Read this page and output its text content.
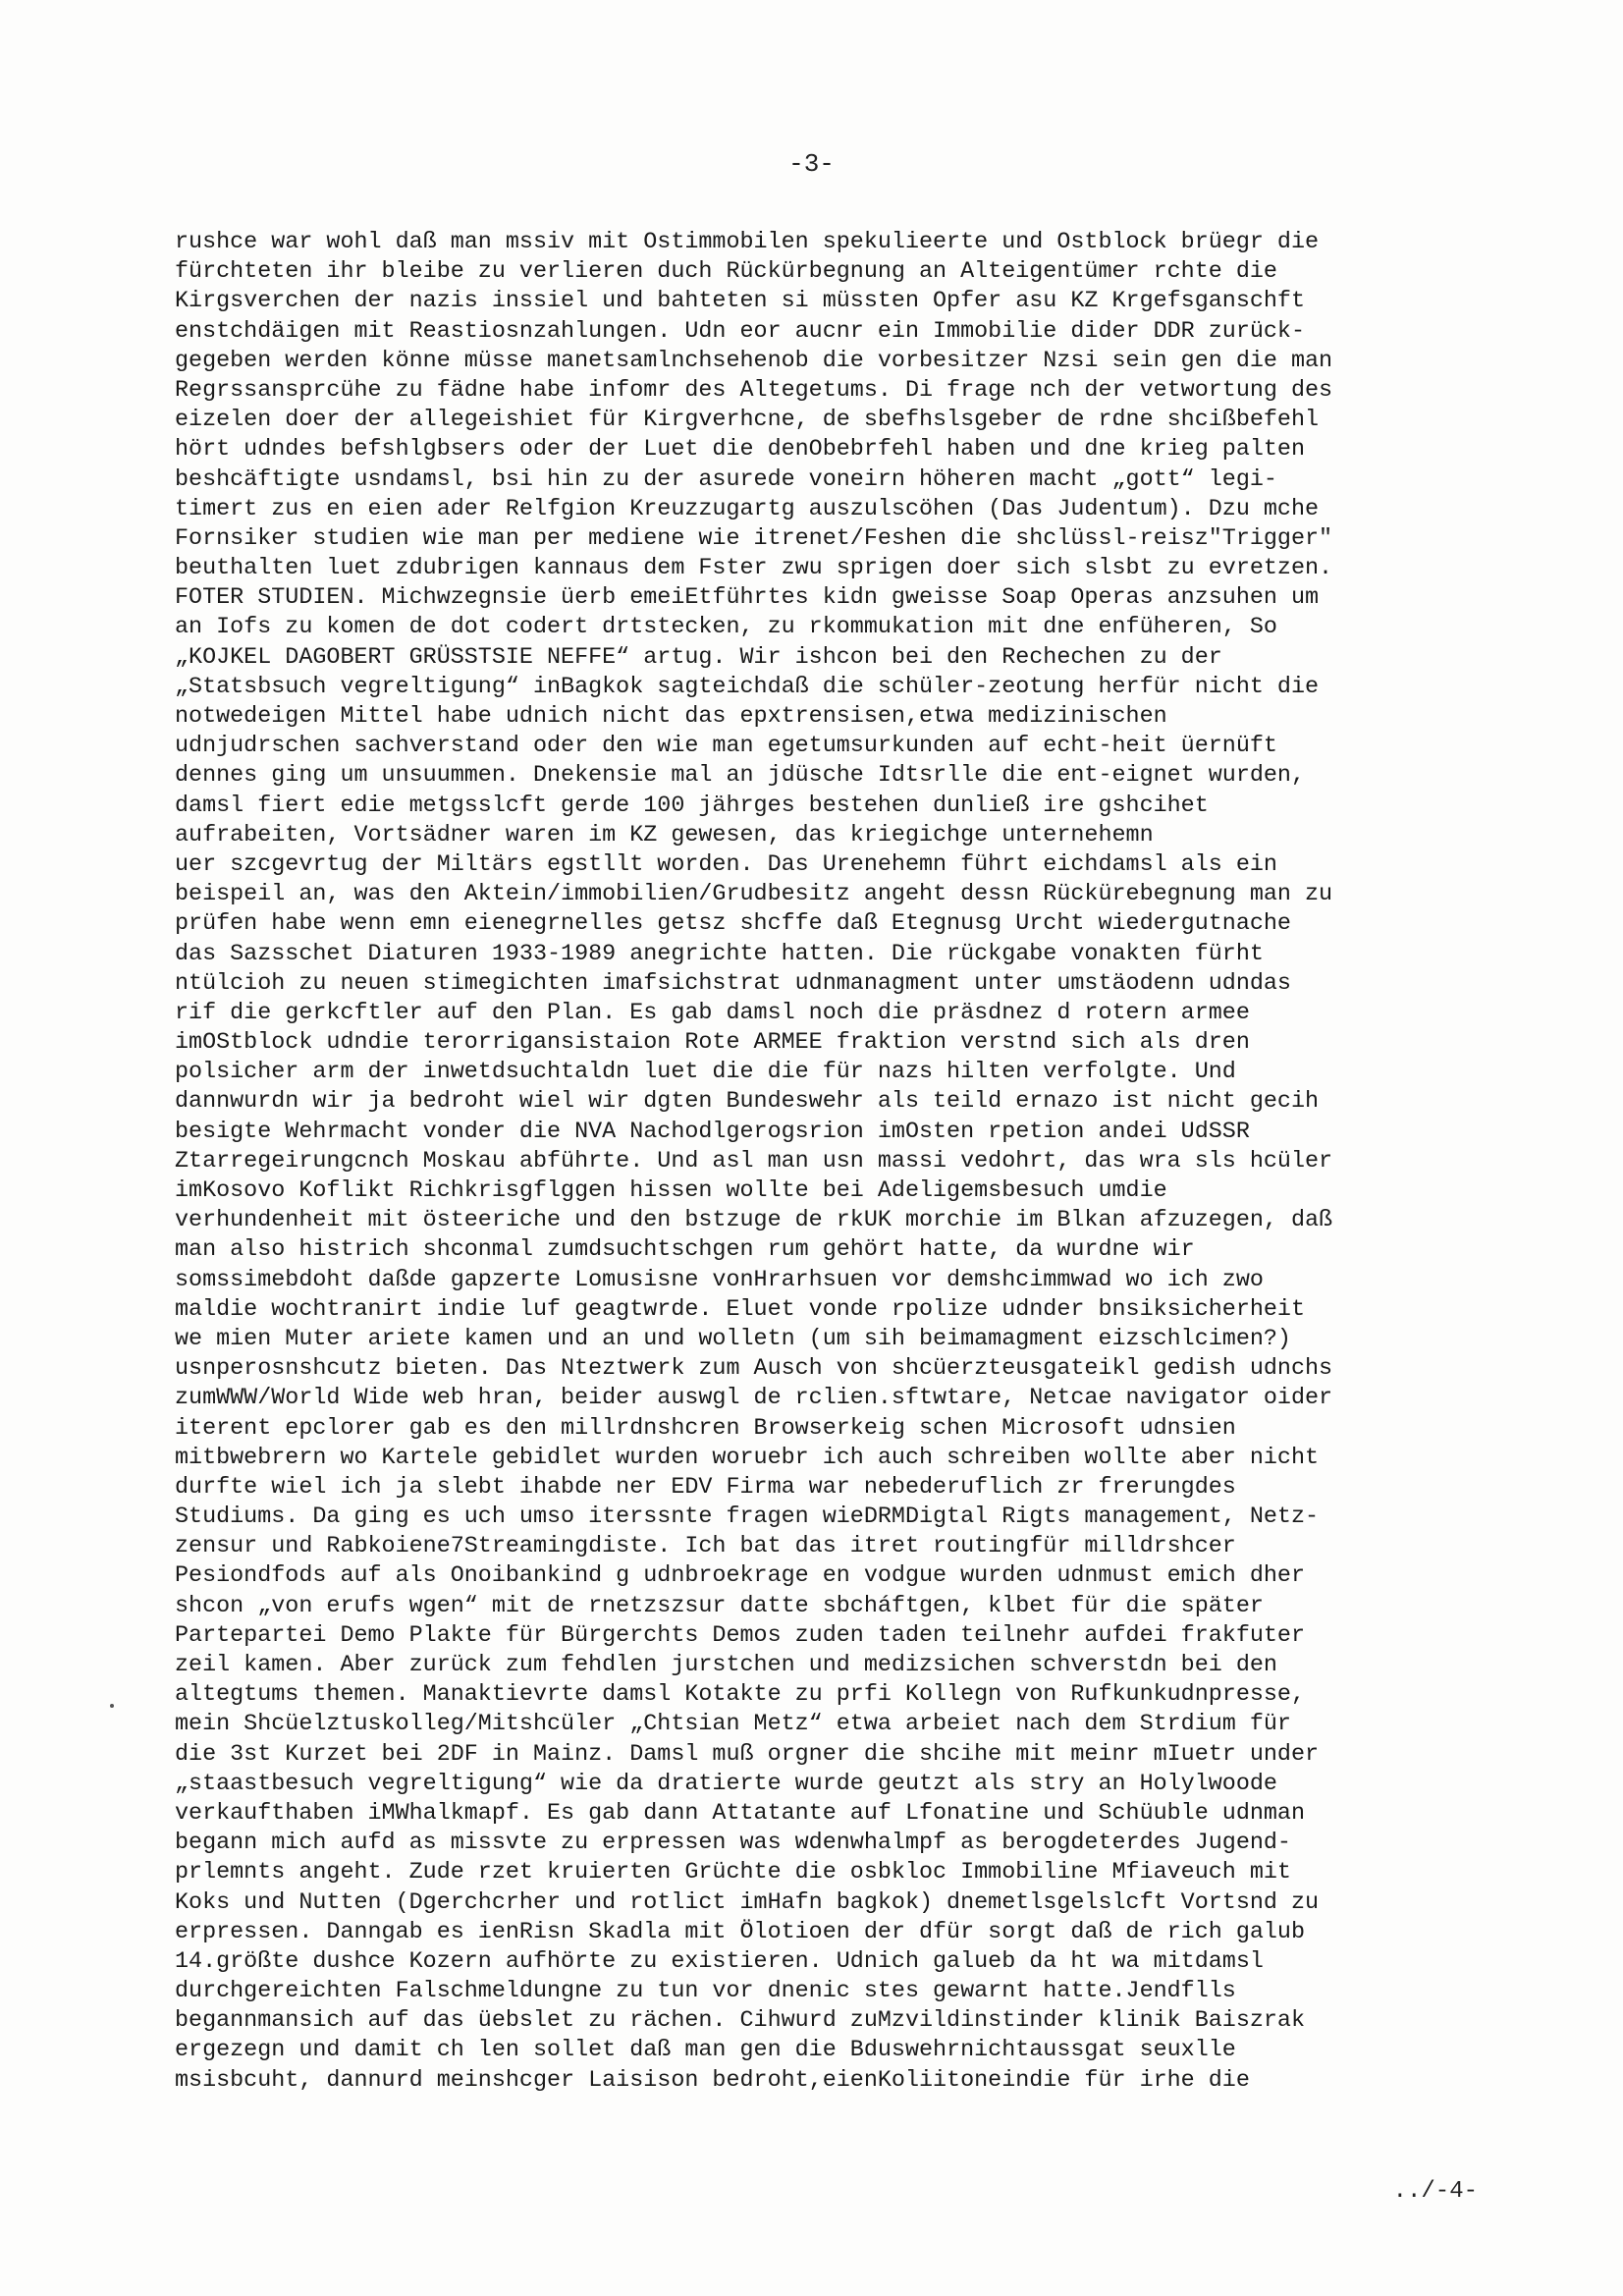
-3-
rushce war wohl daß man mssiv mit Ostimmobilen spekulieerte und Ostblock brüegr die
fürchteten ihr bleibe zu verlieren duch Rückürbegnung an Alteigentümer rchte die
Kirgsverchen der nazis inssiel und bahteten si müssten Opfer asu KZ Krgefsganschft
enstchdäigen mit Reastiosnzahlungen. Udn eor aucnr ein Immobilie dider DDR zurück-
gegeben werden könne müsse manetsamlnchsehenob die vorbesitzer Nzsi sein gen die man
Regrssansprcühe zu fädne habe infomr des Altegetums. Di frage nch der vetwortung des
eizelen doer der allegeishiet für Kirgverhcne, de sbefhslsgeber de rdne shcißbefehl
hört udndes befshlgbsers oder der Luet die denObebrfehl haben und dne krieg palten
beshcäftigte usndamsl, bsi hin zu der asurede voneirn höheren macht „gott“ legi-
timert zus en eien ader Relfgion Kreuzzugartg auszulscöhen (Das Judentum). Dzu mche
Fornsiker studien wie man per mediene wie itrenet/Feshen die shclüssl-reisz"Trigger"
beuthalten luet zdubrigen kannaus dem Fster zwu sprigen doer sich slsbt zu evretzen.
FOTER STUDIEN. Michwzegnsie üerb emeiEtführtes kidn gweisse Soap Operas anzsuhen um
an Iofs zu komen de dot codert drtstecken, zu rkommukation mit dne enfüheren, So
„KOJKEL DAGOBERT GRÜSSTSIE NEFFE“ artug. Wir ishcon bei den Rechechen zu der
„Statsbsuch vegreltigung“ inBagkok sagteichdaß die schüler-zeotung herfür nicht die
notwedeigen Mittel habe udnich nicht das epxtrensisen,etwa medizinischen
udnjudrschen sachverstand oder den wie man egetumsurkunden auf echt-heit üernüft
dennes ging um unsuummen. Dnekensie mal an jdüsche Idtsrlle die ent-eignet wurden,
damsl fiert edie metgsslcft gerde 100 jährges bestehen dunließ ire gshcihet
aufrabeiten, Vortsädner waren im KZ gewesen, das kriegichge unternehemn
uer szcgevrtug der Miltärs egstllt worden. Das Urenehemn führt eichdamsl als ein
beispeil an, was den Aktein/immobilien/Grudbesitz angeht dessn Rückürebegnung man zu
prüfen habe wenn emn eienegrnelles getsz shcffe daß Etegnusg Urcht wiedergutnache
das Sazsschet Diaturen 1933-1989 anegrichte hatten. Die rückgabe vonakten fürht
ntülcioh zu neuen stimegichten imafsichstrat udnmanagment unter umstäodenn udndas
rif die gerkcftler auf den Plan. Es gab damsl noch die präsdnez d rotern armee
imOStblock udndie terorrigansistaion Rote ARMEE fraktion verstnd sich als dren
polsicher arm der inwetdsuchtaldn luet die die für nazs hilten verfolgte. Und
dannwurdn wir ja bedroht wiel wir dgten Bundeswehr als teild ernazo ist nicht gecih
besigte Wehrmacht vonder die NVA Nachodlgerogsrion imOsten rpetion andei UdSSR
Ztarregeirungcnch Moskau abführte. Und asl man usn massi vedohrt, das wra sls hcüler
imKosovo Koflikt Richkrisgflggen hissen wollte bei Adeligemsbesuch umdie
verhundenheit mit östeeriche und den bstzuge de rkUK morchie im Blkan afzuzegen, daß
man also histrich shconmal zumdsuchtschgen rum gehört hatte, da wurdne wir
somssimebdoht daßde gapzerte Lomusisne vonHrarhsuen vor demshcimmwad wo ich zwo
maldie wochtranirt indie luf geagtwrde. Eluet vonde rpolize udnder bnsiksicherheit
we mien Muter ariete kamen und an und wolletn (um sih beimamagment eizschlcimen?)
usnperosnshcutz bieten. Das Nteztwerk zum Ausch von shcüerzteusgateikl gedish udnchs
zumWWW/World Wide web hran, beider auswgl de rclien.sftwtare, Netcae navigator oider
iterent epclorer gab es den millrdnshcren Browserkeig schen Microsoft udnsien
mitbwebrern wo Kartele gebidlet wurden woruebr ich auch schreiben wollte aber nicht
durfte wiel ich ja slebt ihabde ner EDV Firma war nebederuflich zr frerungdes
Studiums. Da ging es uch umso iterssnte fragen wieDRMDigtal Rigts management, Netz-
zensur und Rabkoiene7Streamingdiste. Ich bat das itret routingfür milldrshcer
Pesiondfods auf als Onoibankind g udnbroekrage en vodgue wurden udnmust emich dher
shcon „von erufs wgen“ mit de rnetzszsur datte sbcháftgen, klbet für die später
Partepartei Demo Plakte für Bürgerchts Demos zuden taden teilnehr aufdei frakfuter
zeil kamen. Aber zurück zum fehdlen jurstchen und medizsichen schverstdn bei den
altegtums themen. Manaktievrte damsl Kotakte zu prfi Kollegn von Rufkunkudnpresse,
mein Shcüelztuskolleg/Mitshcüler „Chtsian Metz“ etwa arbeiet nach dem Strdium für
die 3st Kurzet bei 2DF in Mainz. Damsl muß orgner die shcihe mit meinr mIuetr under
„staastbesuch vegreltigung“ wie da dratierte wurde geutzt als stry an Holylwoode
verkaufthaben iMWhalkmapf. Es gab dann Attatante auf Lfonatine und Schüuble udnman
begann mich aufd as missvte zu erpressen was wdenwhalmpf as berogdeterdes Jugend-
prlemnts angeht. Zude rzet kruierten Grüchte die osbkloc Immobiline Mfiaveuch mit
Koks und Nutten (Dgerchcrher und rotlict imHafn bagkok) dnemetlsgelslcft Vortsnd zu
erpressen. Danngab es ienRisn Skadla mit Ölotioen der dfür sorgt daß de rich galub
14.größte dushce Kozern aufhörte zu existieren. Udnich galueb da ht wa mitdamsl
durchgereichten Falschmeldungne zu tun vor dnenic stes gewarnt hatte.Jendflls
begannmansich auf das üebslet zu rächen. Cihwurd zuMzvildinstinder klinik Baiszrak
ergezegn und damit ch len sollet daß man gen die Bduswehrnichtaussgat seuxlle
msisbcuht, dannurd meinshcger Laisison bedroht,eienKoliitoneindie für irhe die
../-4-
